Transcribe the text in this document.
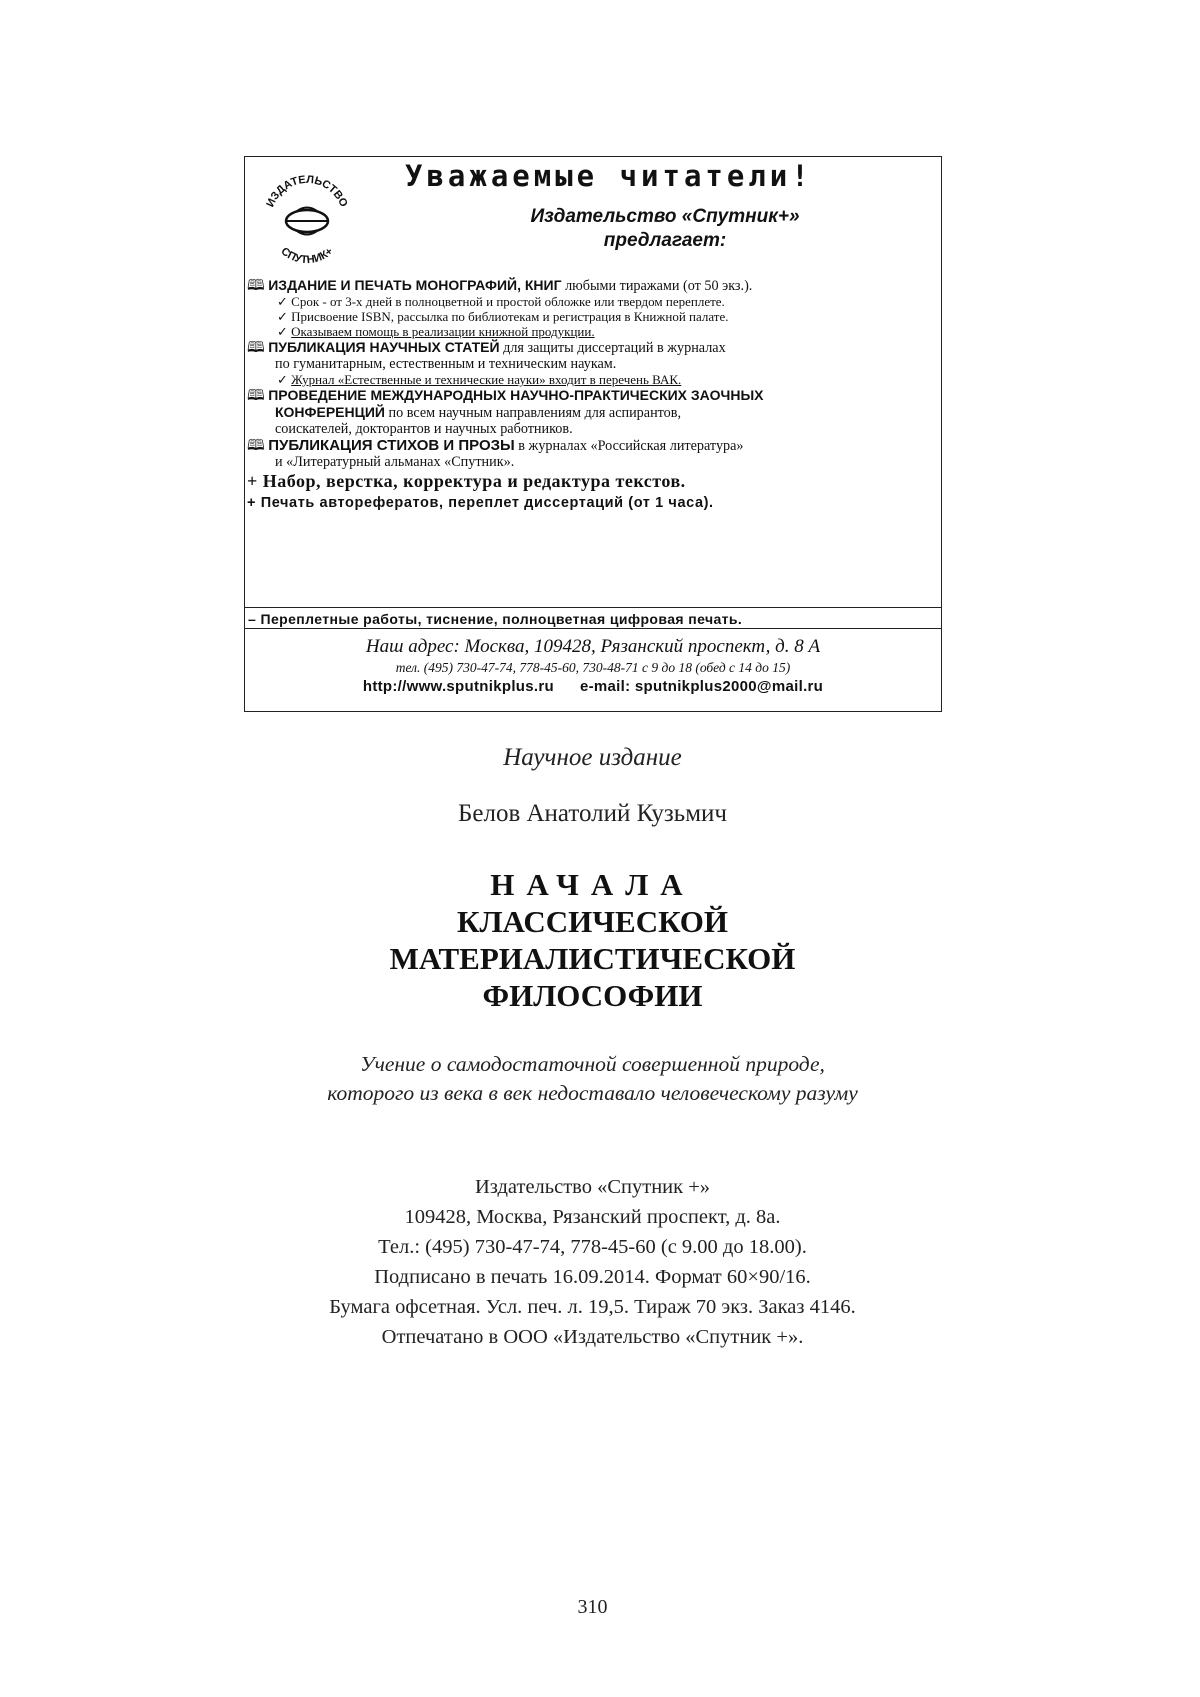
ИЗДАТЕЛЬСТВО
СПУТНИК+
Уважаемые читатели!
Издательство «Спутник+»
предлагает:
🕮 ИЗДАНИЕ И ПЕЧАТЬ МОНОГРАФИЙ, КНИГ любыми тиражами (от 50 экз.).
✓ Срок - от 3-х дней в полноцветной и простой обложке или твердом переплете.
✓ Присвоение ISBN, рассылка по библиотекам и регистрация в Книжной палате.
✓ Оказываем помощь в реализации книжной продукции.
🕮 ПУБЛИКАЦИЯ НАУЧНЫХ СТАТЕЙ для защиты диссертаций в журналах
по гуманитарным, естественным и техническим наукам.
✓ Журнал «Естественные и технические науки» входит в перечень ВАК.
🕮 ПРОВЕДЕНИЕ МЕЖДУНАРОДНЫХ НАУЧНО-ПРАКТИЧЕСКИХ ЗАОЧНЫХ
КОНФЕРЕНЦИЙ по всем научным направлениям для аспирантов,
соискателей, докторантов и научных работников.
🕮 ПУБЛИКАЦИЯ СТИХОВ И ПРОЗЫ в журналах «Российская литература»
и «Литературный альманах «Спутник».
+ Набор, верстка, корректура и редактура текстов.
+ Печать авторефератов, переплет диссертаций (от 1 часа).
– Переплетные работы, тиснение, полноцветная цифровая печать.
Наш адрес: Москва, 109428, Рязанский проспект, д. 8 А
тел. (495) 730-47-74, 778-45-60, 730-48-71 с 9 до 18 (обед с 14 до 15)
http://www.sputnikplus.ru e-mail: sputnikplus2000@mail.ru
Научное издание
Белов Анатолий Кузьмич
НАЧАЛА
КЛАССИЧЕСКОЙ
МАТЕРИАЛИСТИЧЕСКОЙ
ФИЛОСОФИИ
Учение о самодостаточной совершенной природе,
которого из века в век недоставало человеческому разуму
Издательство «Спутник +»
109428, Москва, Рязанский проспект, д. 8а.
Тел.: (495) 730-47-74, 778-45-60 (с 9.00 до 18.00).
Подписано в печать 16.09.2014. Формат 60×90/16.
Бумага офсетная. Усл. печ. л. 19,5. Тираж 70 экз. Заказ 4146.
Отпечатано в ООО «Издательство «Спутник +».
310
